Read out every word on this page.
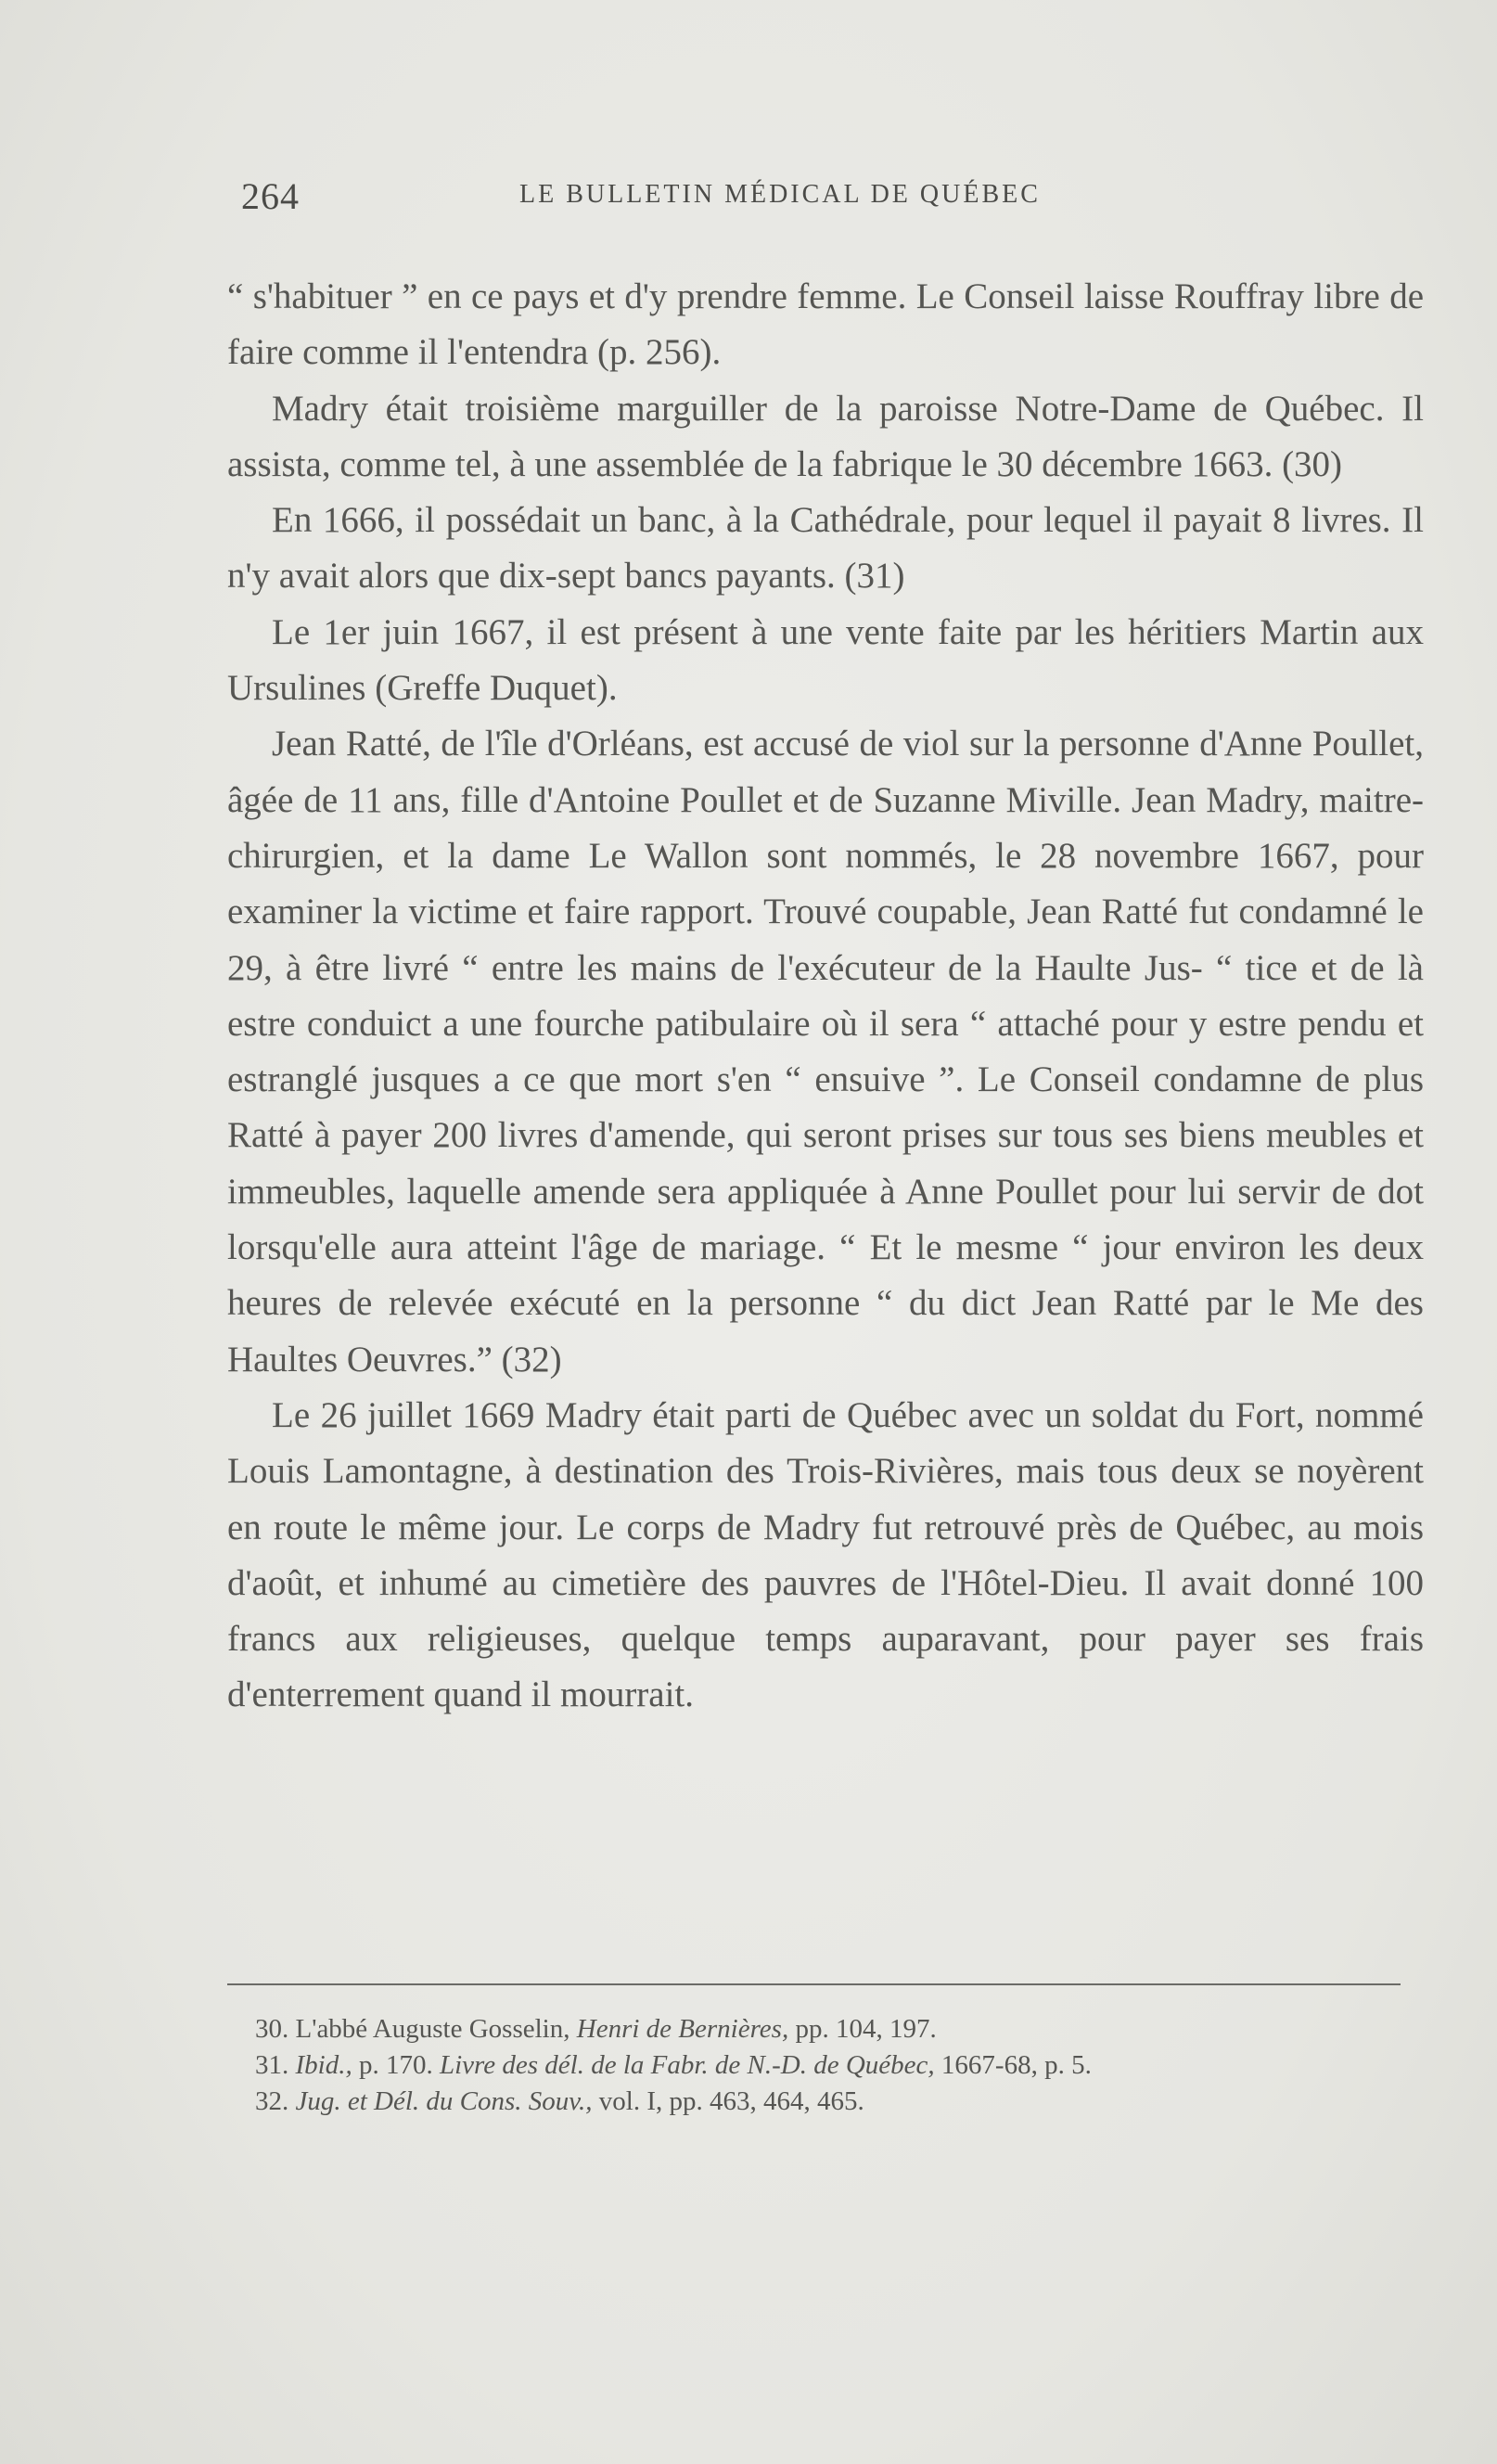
264	LE BULLETIN MÉDICAL DE QUÉBEC

“ s'habituer ” en ce pays et d'y prendre femme. Le Conseil laisse Rouffray libre de faire comme il l'entendra (p. 256).

Madry était troisième marguiller de la paroisse Notre-Dame de Québec. Il assista, comme tel, à une assemblée de la fabrique le 30 décembre 1663. (30)

En 1666, il possédait un banc, à la Cathédrale, pour lequel il payait 8 livres. Il n'y avait alors que dix-sept bancs payants. (31)

Le 1er juin 1667, il est présent à une vente faite par les héritiers Martin aux Ursulines (Greffe Duquet).

Jean Ratté, de l'île d'Orléans, est accusé de viol sur la personne d'Anne Poullet, âgée de 11 ans, fille d'Antoine Poullet et de Suzanne Miville. Jean Madry, maitre-chirurgien, et la dame Le Wallon sont nommés, le 28 novembre 1667, pour examiner la victime et faire rapport. Trouvé coupable, Jean Ratté fut condamné le 29, à être livré “ entre les mains de l'exécuteur de la Haulte Jus- “ tice et de là estre conduict a une fourche patibulaire où il sera “ attaché pour y estre pendu et estranglé jusques a ce que mort s'en “ ensuive ”. Le Conseil condamne de plus Ratté à payer 200 livres d'amende, qui seront prises sur tous ses biens meubles et immeubles, laquelle amende sera appliquée à Anne Poullet pour lui servir de dot lorsqu'elle aura atteint l'âge de mariage. “ Et le mesme “ jour environ les deux heures de relevée exécuté en la personne “ du dict Jean Ratté par le Me des Haultes Oeuvres.” (32)

Le 26 juillet 1669 Madry était parti de Québec avec un soldat du Fort, nommé Louis Lamontagne, à destination des Trois-Rivières, mais tous deux se noyèrent en route le même jour. Le corps de Madry fut retrouvé près de Québec, au mois d'août, et inhumé au cimetière des pauvres de l'Hôtel-Dieu. Il avait donné 100 francs aux religieuses, quelque temps auparavant, pour payer ses frais d'enterrement quand il mourrait.

30. L'abbé Auguste Gosselin, Henri de Bernières, pp. 104, 197.
31. Ibid., p. 170. Livre des dél. de la Fabr. de N.-D. de Québec, 1667-68, p. 5.
32. Jug. et Dél. du Cons. Souv., vol. I, pp. 463, 464, 465.
